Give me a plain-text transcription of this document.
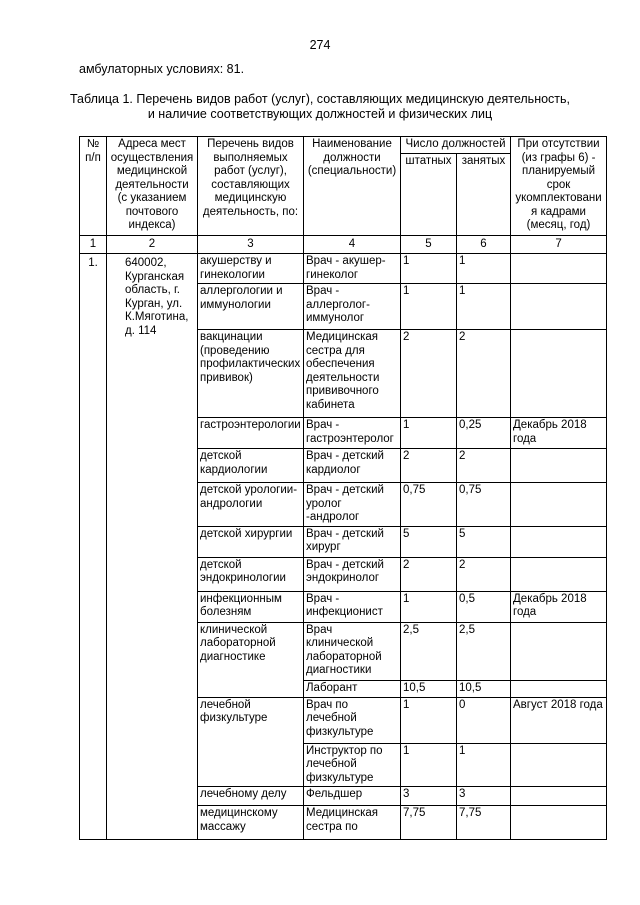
274
амбулаторных условиях: 81.
Таблица 1. Перечень видов работ (услуг), составляющих медицинскую деятельность,
и наличие соответствующих должностей и физических лиц
№ п/п	Адреса мест осуществления медицинской деятельности (с указанием почтового индекса)	Перечень видов выполняемых работ (услуг), составляющих медицинскую деятельность, по:	Наименование должности (специальности)	Число должностей		При отсутствии (из графы 6) - планируемый срок укомплектования кадрами (месяц, год)
				штатных	занятых	
1	2	3	4	5	6	7
1.	640002, Курганская область, г. Курган, ул. К.Мяготина, д. 114	акушерству и гинекологии	Врач - акушер-гинеколог	1	1	
		аллергологии и иммунологии	Врач - аллерголог-иммунолог	1	1	
		вакцинации (проведению профилактических прививок)	Медицинская сестра для обеспечения деятельности прививочного кабинета	2	2	
		гастроэнтерологии	Врач - гастроэнтеролог	1	0,25	Декабрь 2018 года
		детской кардиологии	Врач - детский кардиолог	2	2	
		детской урологии-андрологии	Врач - детский уролог -андролог	0,75	0,75	
		детской хирургии	Врач - детский хирург	5	5	
		детской эндокринологии	Врач - детский эндокринолог	2	2	
		инфекционным болезням	Врач - инфекционист	1	0,5	Декабрь 2018 года
		клинической лабораторной диагностике	Врач клинической лабораторной диагностики	2,5	2,5	
			Лаборант	10,5	10,5	
		лечебной физкультуре	Врач по лечебной физкультуре	1	0	Август 2018 года
			Инструктор по лечебной физкультуре	1	1	
		лечебному делу	Фельдшер	3	3	
		медицинскому массажу	Медицинская сестра по	7,75	7,75	
